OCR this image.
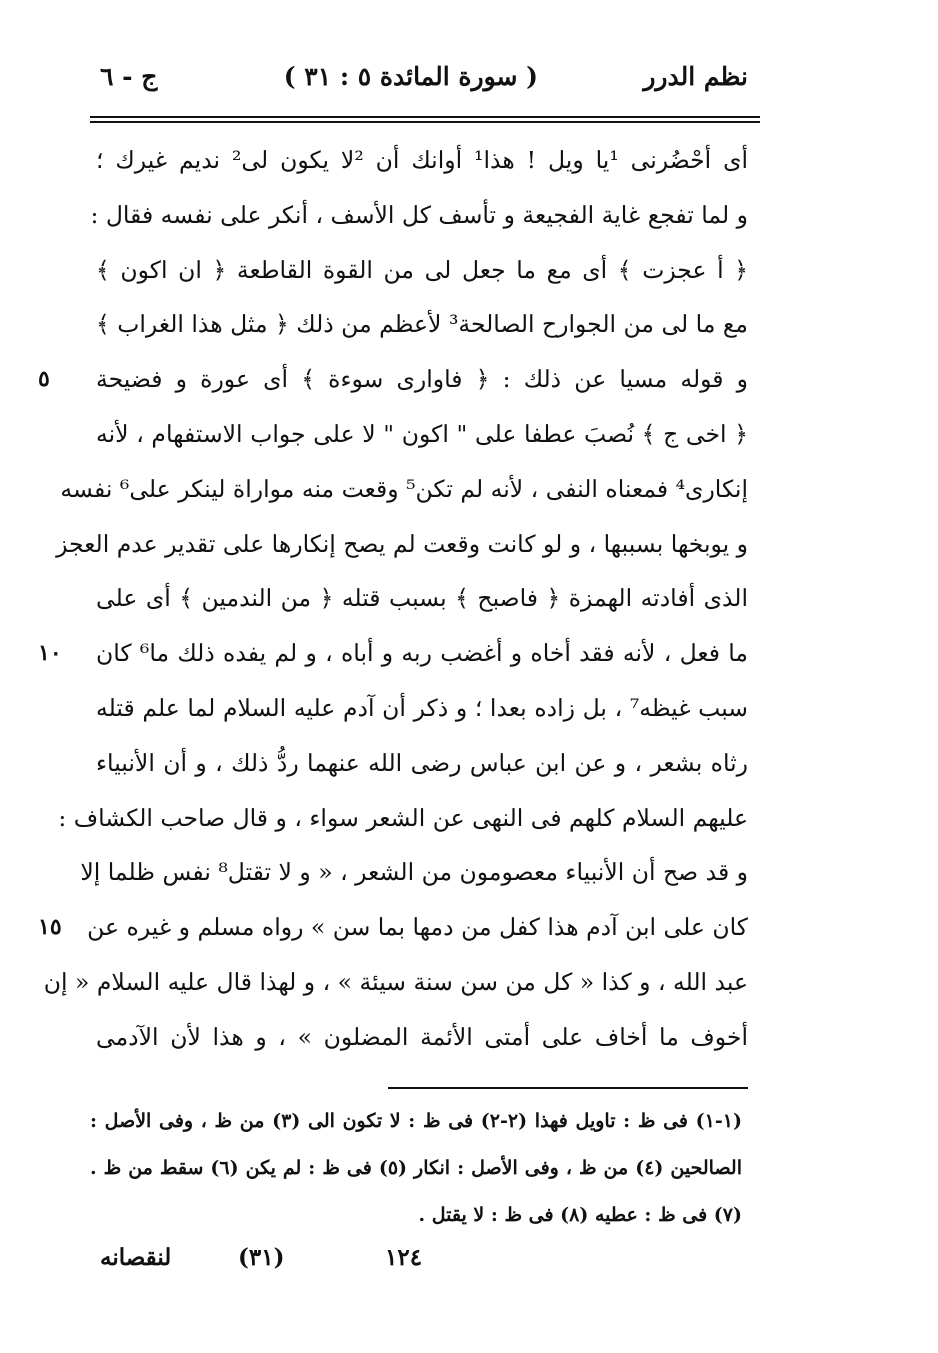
نظم الدرر
( سورة المائدة ٥ : ٣١ )
ج - ٦
أى أحْضُرنى ¹يا ويل ! هذا¹ أوانك أن ²لا يكون لى² نديم غيرك ؛
و لما تفجع غاية الفجيعة و تأسف كل الأسف ، أنكر على نفسه فقال :
﴿ أ عجزت ﴾ أى مع ما جعل لى من القوة القاطعة ﴿ ان اكون ﴾
مع ما لى من الجوارح الصالحة³ لأعظم من ذلك ﴿ مثل هذا الغراب ﴾
و قوله مسيا عن ذلك : ﴿ فاوارى سوءة ﴾ أى عورة و فضيحة
٥
﴿ اخى ج ﴾ نُصبَ عطفا على " اكون " لا على جواب الاستفهام ، لأنه
إنكارى⁴ فمعناه النفى ، لأنه لم تكن⁵ وقعت منه مواراة لينكر على⁶ نفسه
و يوبخها بسببها ، و لو كانت وقعت لم يصح إنكارها على تقدير عدم العجز
الذى أفادته الهمزة ﴿ فاصبح ﴾ بسبب قتله ﴿ من الندمين ﴾ أى على
ما فعل ، لأنه فقد أخاه و أغضب ربه و أباه ، و لم يفده ذلك ما⁶ كان
١٠
سبب غيظه⁷ ، بل زاده بعدا ؛ و ذكر أن آدم عليه السلام لما علم قتله
رثاه بشعر ، و عن ابن عباس رضى الله عنهما ردُّ ذلك ، و أن الأنبياء
عليهم السلام كلهم فى النهى عن الشعر سواء ، و قال صاحب الكشاف :
و قد صح أن الأنبياء معصومون من الشعر ، « و لا تقتل⁸ نفس ظلما إلا
كان على ابن آدم هذا كفل من دمها بما سن » رواه مسلم و غيره عن
١٥
عبد الله ، و كذا « كل من سن سنة سيئة » ، و لهذا قال عليه السلام « إن
أخوف ما أخاف على أمتى الأئمة المضلون » ، و هذا لأن الآدمى
(١-١) فى ظ : تاويل فهذا (٢-٢) فى ظ : لا تكون الى (٣) من ظ ، وفى الأصل :
الصالحين (٤) من ظ ، وفى الأصل : انكار (٥) فى ظ : لم يكن (٦) سقط من ظ .
(٧) فى ظ : عطيه (٨) فى ظ : لا يقتل .
١٢٤
(٣١)
لنقصانه
